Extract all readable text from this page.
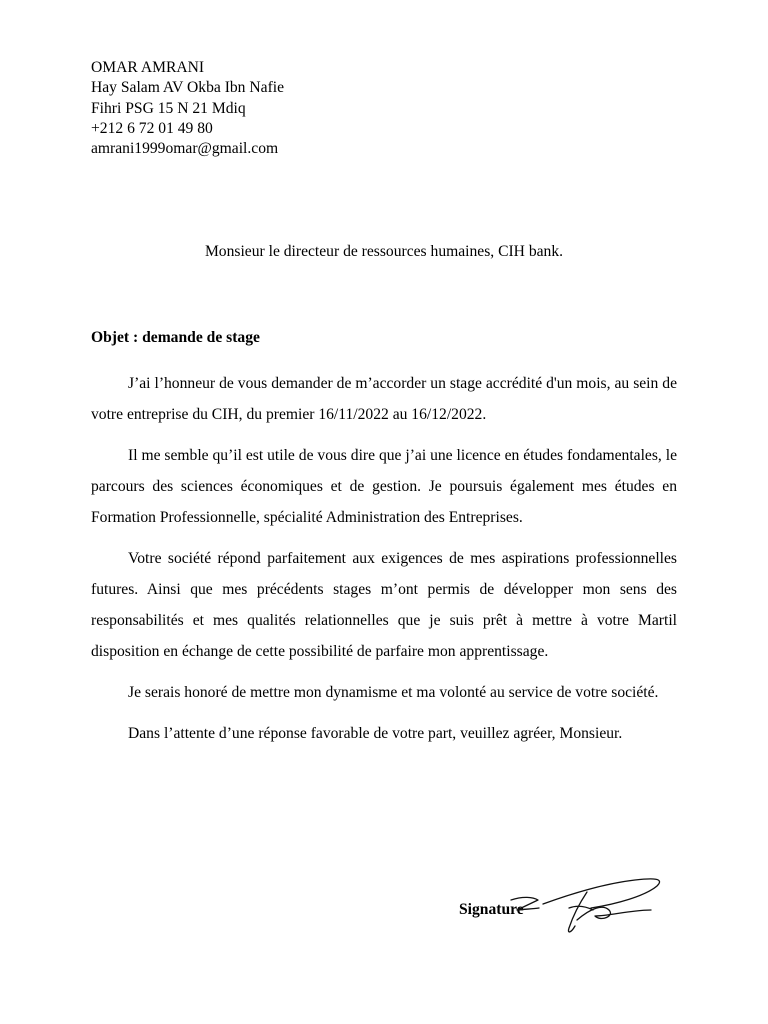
OMAR AMRANI
Hay Salam AV Okba Ibn Nafie
Fihri PSG 15 N 21 Mdiq
+212 6 72 01 49 80
amrani1999omar@gmail.com
Monsieur le directeur de ressources humaines, CIH bank.
Objet : demande de stage

J’ai l’honneur de vous demander de m’accorder un stage accrédité d'un mois, au sein de votre entreprise du CIH, du premier 16/11/2022 au 16/12/2022.

Il me semble qu’il est utile de vous dire que j’ai une licence en études fondamentales, le parcours des sciences économiques et de gestion. Je poursuis également mes études en Formation Professionnelle, spécialité Administration des Entreprises.

Votre société répond parfaitement aux exigences de mes aspirations professionnelles futures. Ainsi que mes précédents stages m’ont permis de développer mon sens des responsabilités et mes qualités relationnelles que je suis prêt à mettre à votre Martil disposition en échange de cette possibilité de parfaire mon apprentissage.

Je serais honoré de mettre mon dynamisme et ma volonté au service de votre société.

Dans l’attente d’une réponse favorable de votre part, veuillez agréer, Monsieur.

Signature
